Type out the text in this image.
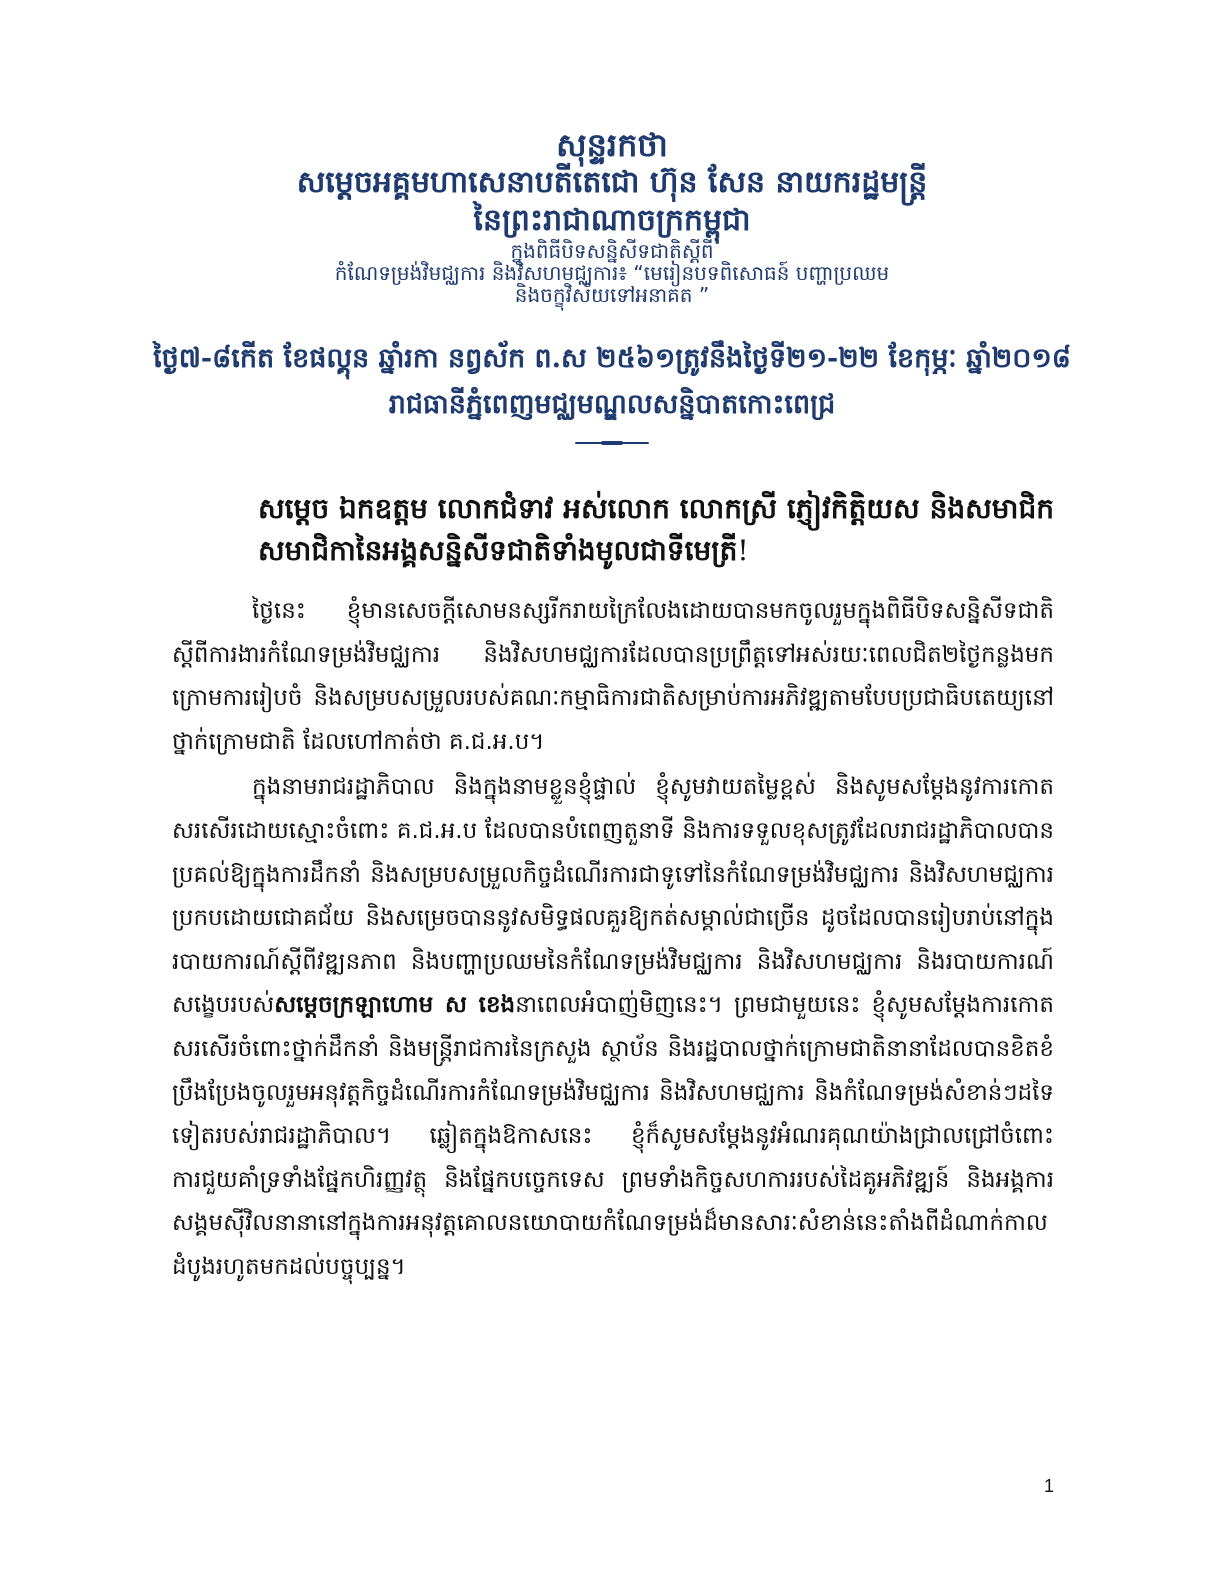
សុន្ទរកថា

សម្តេចអគ្គមហាសេនាបតីតេជោ ហ៊ុន សែន នាយករដ្ឋមន្ត្រី

នៃព្រះរាជាណាចក្រកម្ពុជា

ក្នុងពិធីបិទសន្និសីទជាតិស្តីពី

កំណែទម្រង់វិមជ្ឈការ និងវិសហមជ្ឈការ៖ “មេរៀនបទពិសោធន៍ បញ្ហាប្រឈម

និងចក្ខុវិស័យទៅអនាគត ”

ថ្ងៃ៧-៨កើត ខែផល្គុន ឆ្នាំរកា នព្វស័ក ព.ស ២៥៦១ត្រូវនឹងថ្ងៃទី២១-២២ ខែកុម្ភៈ ឆ្នាំ២០១៨

រាជធានីភ្នំពេញមជ្ឈមណ្ឌលសន្និបាតកោះពេជ្រ

សម្តេច ឯកឧត្តម លោកជំទាវ អស់លោក លោកស្រី ភ្ញៀវកិត្តិយស និងសមាជិក សមាជិកានៃអង្គសន្និសីទជាតិទាំងមូលជាទីមេត្រី!

ថ្ងៃនេះ ខ្ញុំមានសេចក្តីសោមនស្សរីករាយក្រៃលែងដោយបានមកចូលរួមក្នុងពិធីបិទសន្និសីទជាតិស្តីពីការងារកំណែទម្រង់វិមជ្ឈការ និងវិសហមជ្ឈការដែលបានប្រព្រឹត្តទៅអស់រយៈពេលជិត២ថ្ងៃកន្លងមក ក្រោមការរៀបចំ និងសម្របសម្រួលរបស់គណៈកម្មាធិការជាតិសម្រាប់ការអភិវឌ្ឍតាមបែបប្រជាធិបតេយ្យនៅថ្នាក់ក្រោមជាតិ ដែលហៅកាត់ថា គ.ជ.អ.ប។

ក្នុងនាមរាជរដ្ឋាភិបាល និងក្នុងនាមខ្លួនខ្ញុំផ្ទាល់ ខ្ញុំសូមវាយតម្លៃខ្ពស់ និងសូមសម្តែងនូវការកោតសរសើរដោយស្មោះចំពោះ គ.ជ.អ.ប ដែលបានបំពេញតួនាទី និងការទទួលខុសត្រូវដែលរាជរដ្ឋាភិបាលបានប្រគល់ឱ្យក្នុងការដឹកនាំ និងសម្របសម្រួលកិច្ចដំណើរការជាទូទៅនៃកំណែទម្រង់វិមជ្ឈការ និងវិសហមជ្ឈការប្រកបដោយជោគជ័យ និងសម្រេចបាននូវសមិទ្ធផលគួរឱ្យកត់សម្គាល់ជាច្រើន ដូចដែលបានរៀបរាប់នៅក្នុងរបាយការណ៍ស្តីពីវឌ្ឍនភាព និងបញ្ហាប្រឈមនៃកំណែទម្រង់វិមជ្ឈការ និងវិសហមជ្ឈការ និងរបាយការណ៍សង្ខេបរបស់សម្តេចក្រឡាហោម ស ខេងនាពេលអំបាញ់មិញនេះ។ ព្រមជាមួយនេះ ខ្ញុំសូមសម្តែងការកោតសរសើរចំពោះថ្នាក់ដឹកនាំ និងមន្ត្រីរាជការនៃក្រសួង ស្ថាប័ន និងរដ្ឋបាលថ្នាក់ក្រោមជាតិនានាដែលបានខិតខំប្រឹងប្រែងចូលរួមអនុវត្តកិច្ចដំណើរការកំណែទម្រង់វិមជ្ឈការ និងវិសហមជ្ឈការ និងកំណែទម្រង់សំខាន់ៗដទៃទៀតរបស់រាជរដ្ឋាភិបាល។ ឆ្លៀតក្នុងឱកាសនេះ ខ្ញុំក៏សូមសម្តែងនូវអំណរគុណយ៉ាងជ្រាលជ្រៅចំពោះការជួយគាំទ្រទាំងផ្នែកហិរញ្ញវត្ថុ និងផ្នែកបច្ចេកទេស ព្រមទាំងកិច្ចសហការរបស់ដៃគូអភិវឌ្ឍន៍ និងអង្គការសង្គមស៊ីវិលនានានៅក្នុងការអនុវត្តគោលនយោបាយកំណែទម្រង់ដ៏មានសារៈសំខាន់នេះតាំងពីដំណាក់កាលដំបូងរហូតមកដល់បច្ចុប្បន្ន។

1
